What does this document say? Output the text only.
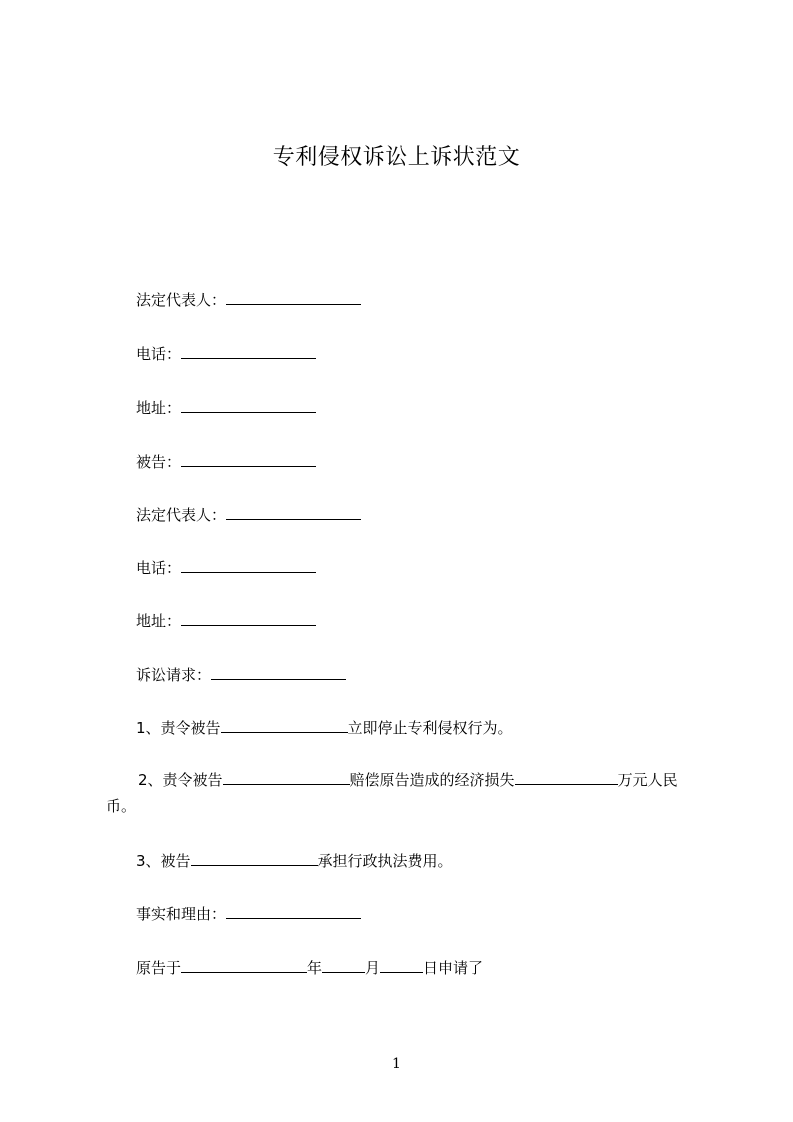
专利侵权诉讼上诉状范文
法定代表人：
电话：
地址：
被告：
法定代表人：
电话：
地址：
诉讼请求：
1、责令被告	立即停止专利侵权行为。
2、责令被告	赔偿原告造成的经济损失	万元人民
币。
3、被告	承担行政执法费用。
事实和理由：
原告于	年	月	日申请了
1
